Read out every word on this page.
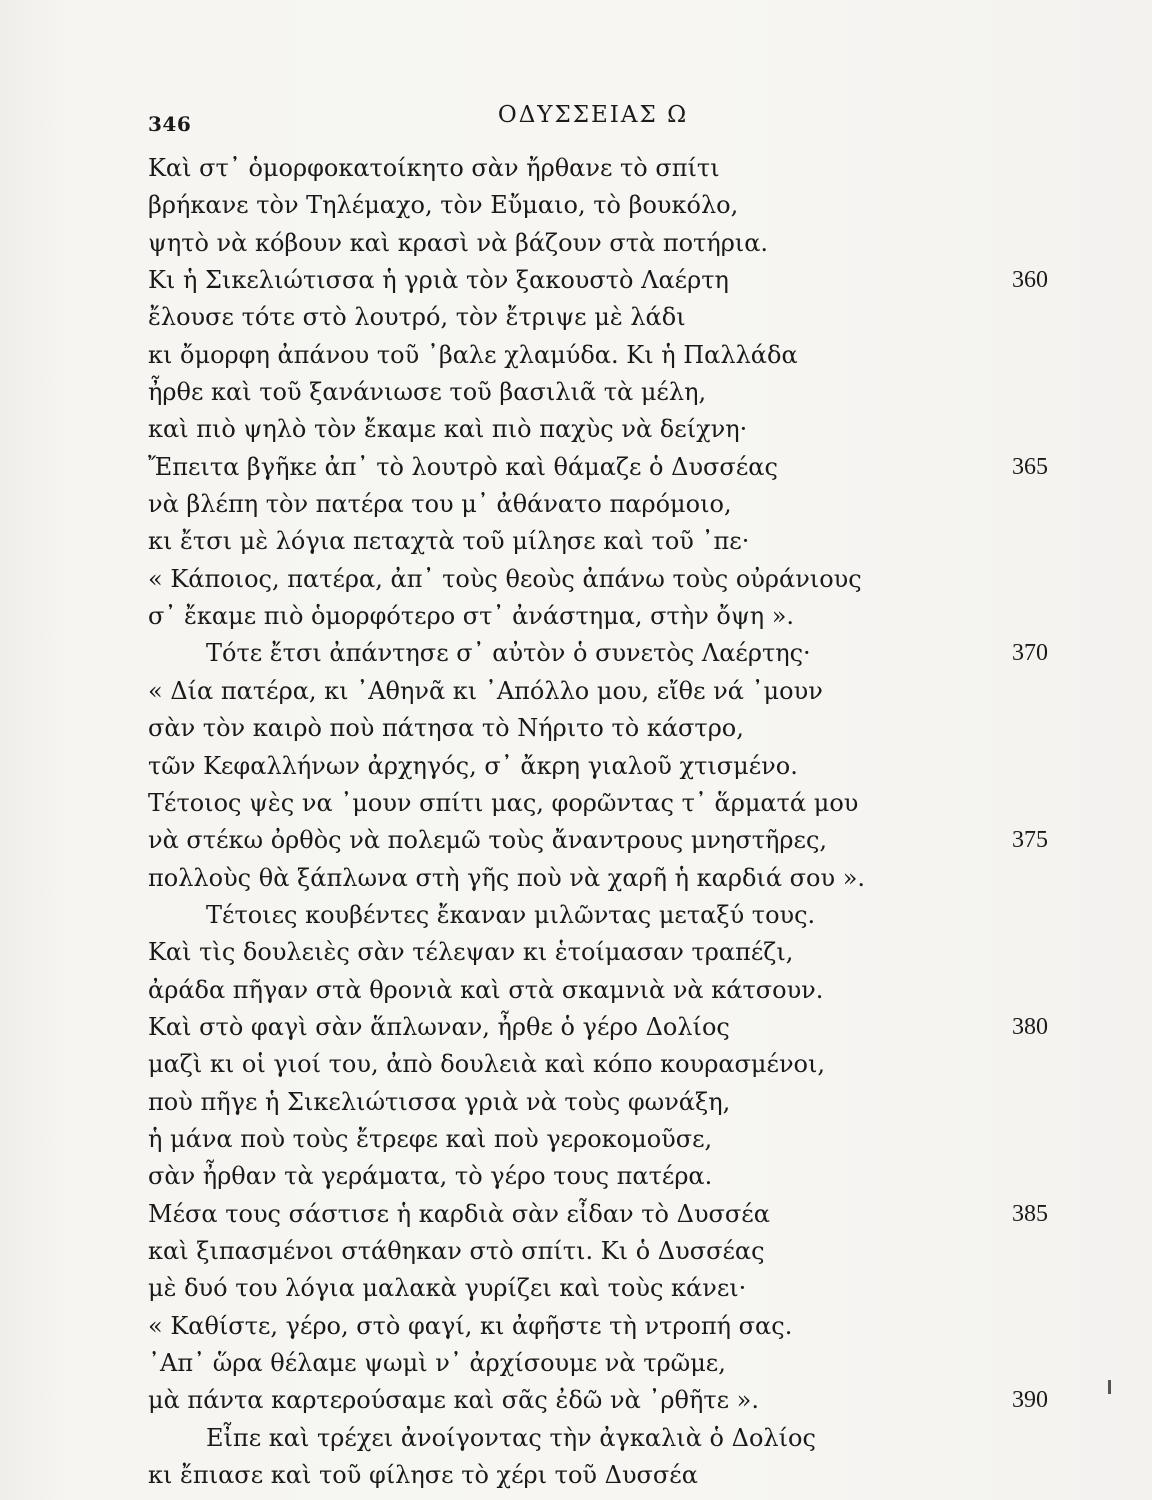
346	ΟΔΥΣΣΕΙΑΣ Ω
Καὶ στ᾽ ὁμορφοκατοίκητο σὰν ἤρθανε τὸ σπίτι
βρήκανε τὸν Τηλέμαχο, τὸν Εὔμαιο, τὸ βουκόλο,
ψητὸ νὰ κόβουν καὶ κρασὶ νὰ βάζουν στὰ ποτήρια.
Κι ἡ Σικελιώτισσα ἡ γριὰ τὸν ξακουστὸ Λαέρτη	360
ἔλουσε τότε στὸ λουτρό, τὸν ἔτριψε μὲ λάδι
κι ὄμορφη ἀπάνου τοῦ ᾽βαλε χλαμύδα. Κι ἡ Παλλάδα
ἦρθε καὶ τοῦ ξανάνιωσε τοῦ βασιλιᾶ τὰ μέλη,
καὶ πιὸ ψηλὸ τὸν ἔκαμε καὶ πιὸ παχὺς νὰ δείχνη·
Ἔπειτα βγῆκε ἀπ᾽ τὸ λουτρὸ καὶ θάμαζε ὁ Δυσσέας	365
νὰ βλέπη τὸν πατέρα του μ᾽ ἀθάνατο παρόμοιο,
κι ἔτσι μὲ λόγια πεταχτὰ τοῦ μίλησε καὶ τοῦ ᾽πε·
« Κάποιος, πατέρα, ἀπ᾽ τοὺς θεοὺς ἀπάνω τοὺς οὐράνιους
σ᾽ ἔκαμε πιὸ ὁμορφότερο στ᾽ ἀνάστημα, στὴν ὄψη ».
Τότε ἔτσι ἀπάντησε σ᾽ αὐτὸν ὁ συνετὸς Λαέρτης·	370
« Δία πατέρα, κι ᾽Αθηνᾶ κι ᾽Απόλλο μου, εἴθε νά ᾽μουν
σὰν τὸν καιρὸ ποὺ πάτησα τὸ Νήριτο τὸ κάστρο,
τῶν Κεφαλλήνων ἀρχηγός, σ᾽ ἄκρη γιαλοῦ χτισμένο.
Τέτοιος ψὲς να ᾽μουν σπίτι μας, φορῶντας τ᾽ ἅρματά μου
νὰ στέκω ὀρθὸς νὰ πολεμῶ τοὺς ἄναντρους μνηστῆρες,	375
πολλοὺς θὰ ξάπλωνα στὴ γῆς ποὺ νὰ χαρῆ ἡ καρδιά σου ».
Τέτοιες κουβέντες ἔκαναν μιλῶντας μεταξύ τους.
Καὶ τὶς δουλειὲς σὰν τέλεψαν κι ἑτοίμασαν τραπέζι,
ἀράδα πῆγαν στὰ θρονιὰ καὶ στὰ σκαμνιὰ νὰ κάτσουν.
Καὶ στὸ φαγὶ σὰν ἅπλωναν, ἦρθε ὁ γέρο Δολίος	380
μαζὶ κι οἱ γιοί του, ἀπὸ δουλειὰ καὶ κόπο κουρασμένοι,
ποὺ πῆγε ἡ Σικελιώτισσα γριὰ νὰ τοὺς φωνάξη,
ἡ μάνα ποὺ τοὺς ἔτρεφε καὶ ποὺ γεροκομοῦσε,
σὰν ἦρθαν τὰ γεράματα, τὸ γέρο τους πατέρα.
Μέσα τους σάστισε ἡ καρδιὰ σὰν εἶδαν τὸ Δυσσέα	385
καὶ ξιπασμένοι στάθηκαν στὸ σπίτι. Κι ὁ Δυσσέας
μὲ δυό του λόγια μαλακὰ γυρίζει καὶ τοὺς κάνει·
« Καθίστε, γέρο, στὸ φαγί, κι ἀφῆστε τὴ ντροπή σας.
᾽Απ᾽ ὥρα θέλαμε ψωμὶ ν᾽ ἀρχίσουμε νὰ τρῶμε,
μὰ πάντα καρτερούσαμε καὶ σᾶς ἐδῶ νὰ ᾽ρθῆτε ».	390
Εἶπε καὶ τρέχει ἀνοίγοντας τὴν ἀγκαλιὰ ὁ Δολίος
κι ἔπιασε καὶ τοῦ φίλησε τὸ χέρι τοῦ Δυσσέα
